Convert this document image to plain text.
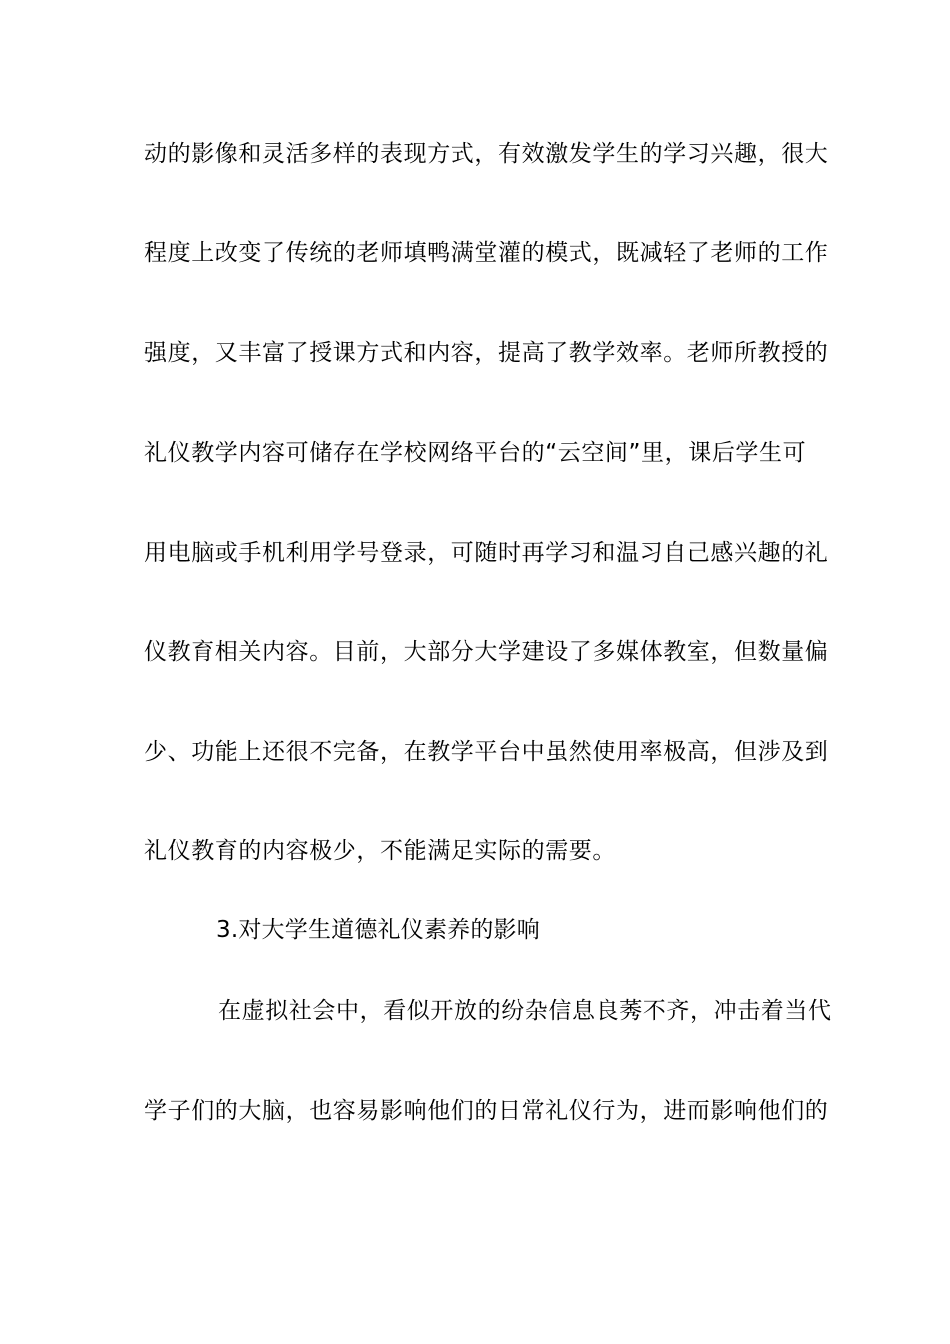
动的影像和灵活多样的表现方式，有效激发学生的学习兴趣，很大
程度上改变了传统的老师填鸭满堂灌的模式，既减轻了老师的工作
强度，又丰富了授课方式和内容，提高了教学效率。老师所教授的
礼仪教学内容可储存在学校网络平台的“云空间”里，课后学生可
用电脑或手机利用学号登录，可随时再学习和温习自己感兴趣的礼
仪教育相关内容。目前，大部分大学建设了多媒体教室，但数量偏
少、功能上还很不完备，在教学平台中虽然使用率极高，但涉及到
礼仪教育的内容极少，不能满足实际的需要。
3.对大学生道德礼仪素养的影响
在虚拟社会中，看似开放的纷杂信息良莠不齐，冲击着当代
学子们的大脑，也容易影响他们的日常礼仪行为，进而影响他们的
